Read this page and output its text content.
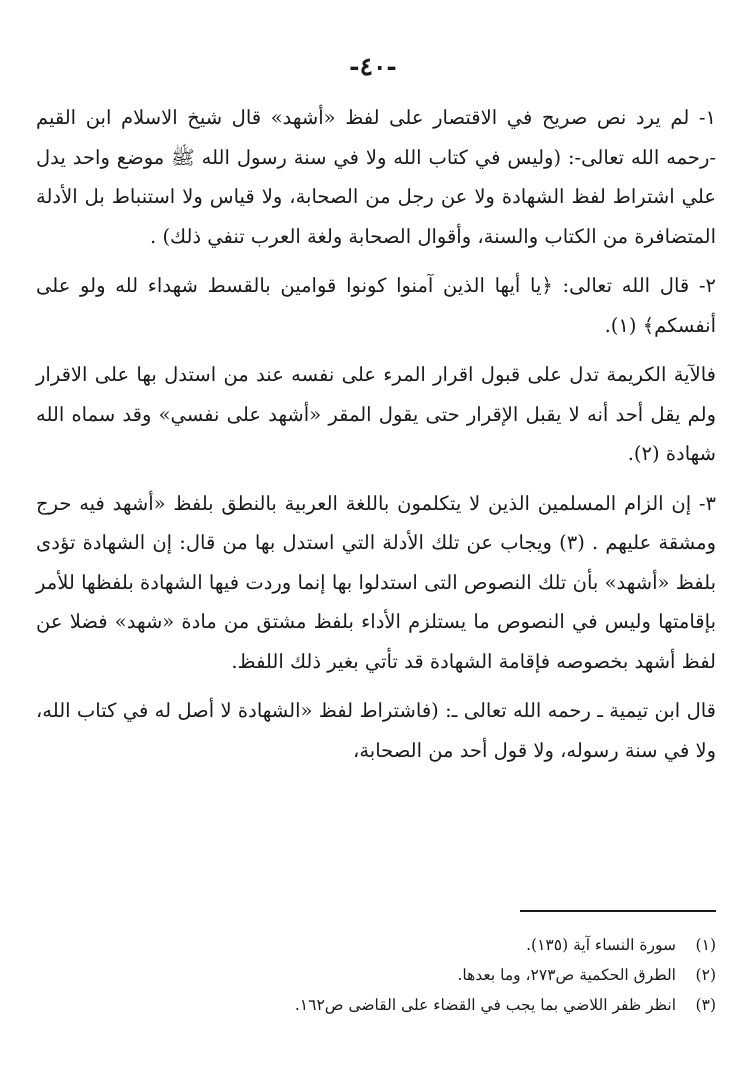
-٤٠-

١- لم يرد نص صريح في الاقتصار على لفظ «أشهد» قال شيخ الاسلام ابن القيم -رحمه الله تعالى-: (وليس في كتاب الله ولا في سنة رسول الله ﷺ موضع واحد يدل علي اشتراط لفظ الشهادة ولا عن رجل من الصحابة، ولا قياس ولا استنباط بل الأدلة المتضافرة من الكتاب والسنة، وأقوال الصحابة ولغة العرب تنفي ذلك) .

٢- قال الله تعالى: ﴿يا أيها الذين آمنوا كونوا قوامين بالقسط شهداء لله ولو على أنفسكم﴾ (١).

فالآية الكريمة تدل على قبول اقرار المرء على نفسه عند من استدل بها على الاقرار ولم يقل أحد أنه لا يقبل الإقرار حتى يقول المقر «أشهد على نفسي» وقد سماه الله شهادة (٢).

٣- إن الزام المسلمين الذين لا يتكلمون باللغة العربية بالنطق بلفظ «أشهد فيه حرج ومشقة عليهم . (٣) ويجاب عن تلك الأدلة التي استدل بها من قال: إن الشهادة تؤدى بلفظ «أشهد» بأن تلك النصوص التى استدلوا بها إنما وردت فيها الشهادة بلفظها للأمر بإقامتها وليس في النصوص ما يستلزم الأداء بلفظ مشتق من مادة «شهد» فضلا عن لفظ أشهد بخصوصه فإقامة الشهادة قد تأتي بغير ذلك اللفظ.

قال ابن تيمية ـ رحمه الله تعالى ـ: (فاشتراط لفظ «الشهادة لا أصل له في كتاب الله، ولا في سنة رسوله، ولا قول أحد من الصحابة،

(١)
سورة النساء آية (١٣٥).
(٢)
الطرق الحكمية ص٢٧٣، وما بعدها.
(٣)
انظر ظفر اللاضي بما يجب في القضاء على القاضى ص١٦٢.
